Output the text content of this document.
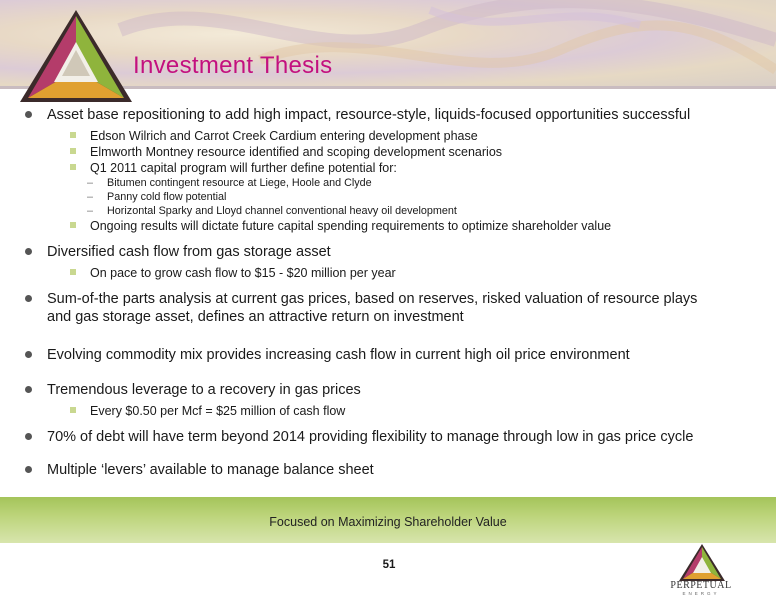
Investment Thesis
Asset base repositioning to add high impact, resource-style, liquids-focused opportunities successful
Edson Wilrich and Carrot Creek Cardium entering development phase
Elmworth Montney resource identified and scoping development scenarios
Q1 2011 capital program will further define potential for:
– Bitumen contingent resource at Liege, Hoole and Clyde
– Panny cold flow potential
– Horizontal Sparky and Lloyd channel conventional heavy oil development
Ongoing results will dictate future capital spending requirements to optimize shareholder value
Diversified cash flow from gas storage asset
On pace to grow cash flow to $15 - $20 million per year
Sum-of-the parts analysis at current gas prices, based on reserves, risked valuation of resource plays
and gas storage asset, defines an attractive return on investment
Evolving commodity mix provides increasing cash flow in current high oil price environment
Tremendous leverage to a recovery in gas prices
Every $0.50 per Mcf = $25 million of cash flow
70% of debt will have term beyond 2014 providing flexibility to manage through low in gas price cycle
Multiple ‘levers’ available to manage balance sheet
Focused on Maximizing Shareholder Value
51
PERPETUAL
ENERGY
